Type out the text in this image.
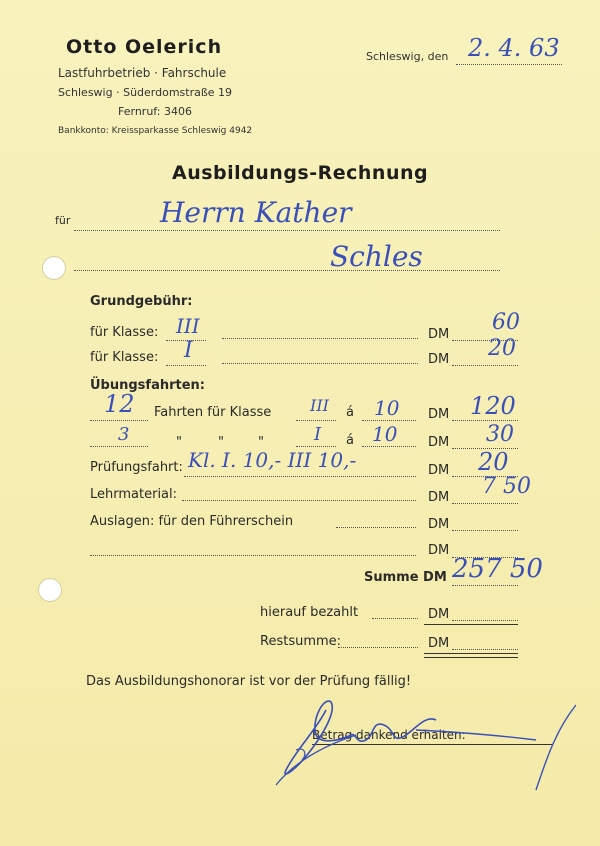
Otto Oelerich
Lastfuhrbetrieb · Fahrschule
Schleswig · Süderdomstraße 19
Fernruf: 3406
Bankkonto: Kreissparkasse Schleswig 4942
Schleswig, den 2. 4. 63
Ausbildungs-Rechnung
für	Herrn Kather
Schles
Grundgebühr:
für Klasse: III	DM 60
für Klasse: I	DM 20
Übungsfahrten:
12 Fahrten für Klasse III á 10 DM 120
3	"	"	"	I á 10 DM 30
Prüfungsfahrt: Kl. I. 10,- III 10,-	DM 20
Lehrmaterial:	DM 7 50
Auslagen: für den Führerschein	DM
DM
Summe DM 257 50
hierauf bezahlt	DM
Restsumme:	DM
Das Ausbildungshonorar ist vor der Prüfung fällig!
Betrag dankend erhalten:
